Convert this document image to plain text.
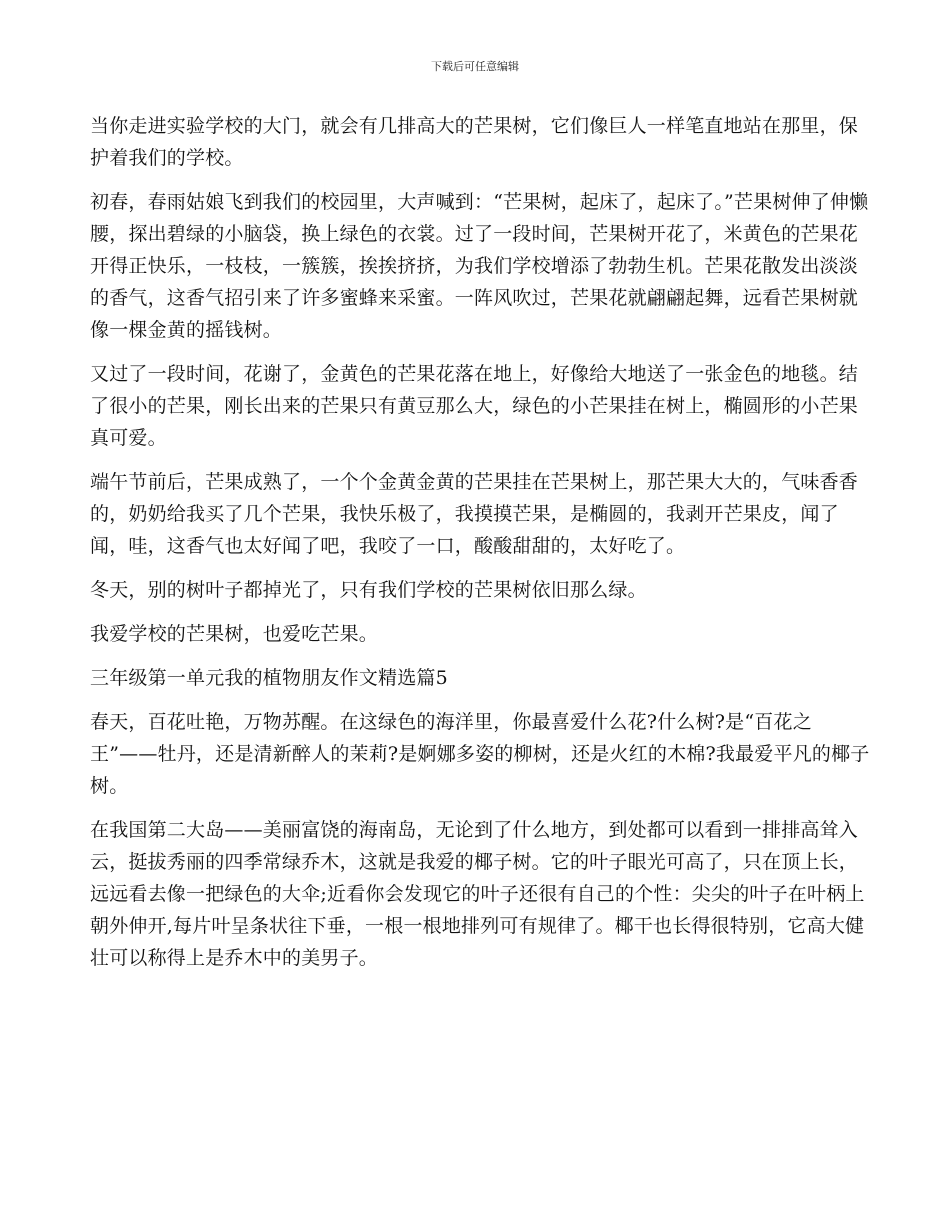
下载后可任意编辑

当你走进实验学校的大门，就会有几排高大的芒果树，它们像巨人一样笔直地站在那里，保护着我们的学校。

初春，春雨姑娘飞到我们的校园里，大声喊到：“芒果树，起床了，起床了。”芒果树伸了伸懒腰，探出碧绿的小脑袋，换上绿色的衣裳。过了一段时间，芒果树开花了，米黄色的芒果花开得正快乐，一枝枝，一簇簇，挨挨挤挤，为我们学校增添了勃勃生机。芒果花散发出淡淡的香气，这香气招引来了许多蜜蜂来采蜜。一阵风吹过，芒果花就翩翩起舞，远看芒果树就像一棵金黄的摇钱树。

又过了一段时间，花谢了，金黄色的芒果花落在地上，好像给大地送了一张金色的地毯。结了很小的芒果，刚长出来的芒果只有黄豆那么大，绿色的小芒果挂在树上，椭圆形的小芒果真可爱。

端午节前后，芒果成熟了，一个个金黄金黄的芒果挂在芒果树上，那芒果大大的，气味香香的，奶奶给我买了几个芒果，我快乐极了，我摸摸芒果，是椭圆的，我剥开芒果皮，闻了闻，哇，这香气也太好闻了吧，我咬了一口，酸酸甜甜的，太好吃了。

冬天，别的树叶子都掉光了，只有我们学校的芒果树依旧那么绿。

我爱学校的芒果树，也爱吃芒果。

三年级第一单元我的植物朋友作文精选篇5

春天，百花吐艳，万物苏醒。在这绿色的海洋里，你最喜爱什么花?什么树?是“百花之王”——牡丹，还是清新醉人的茉莉?是婀娜多姿的柳树，还是火红的木棉?我最爱平凡的椰子树。

在我国第二大岛——美丽富饶的海南岛，无论到了什么地方，到处都可以看到一排排高耸入云，挺拔秀丽的四季常绿乔木，这就是我爱的椰子树。它的叶子眼光可高了，只在顶上长，远远看去像一把绿色的大伞;近看你会发现它的叶子还很有自己的个性：尖尖的叶子在叶柄上朝外伸开,每片叶呈条状往下垂，一根一根地排列可有规律了。椰干也长得很特别，它高大健壮可以称得上是乔木中的美男子。
